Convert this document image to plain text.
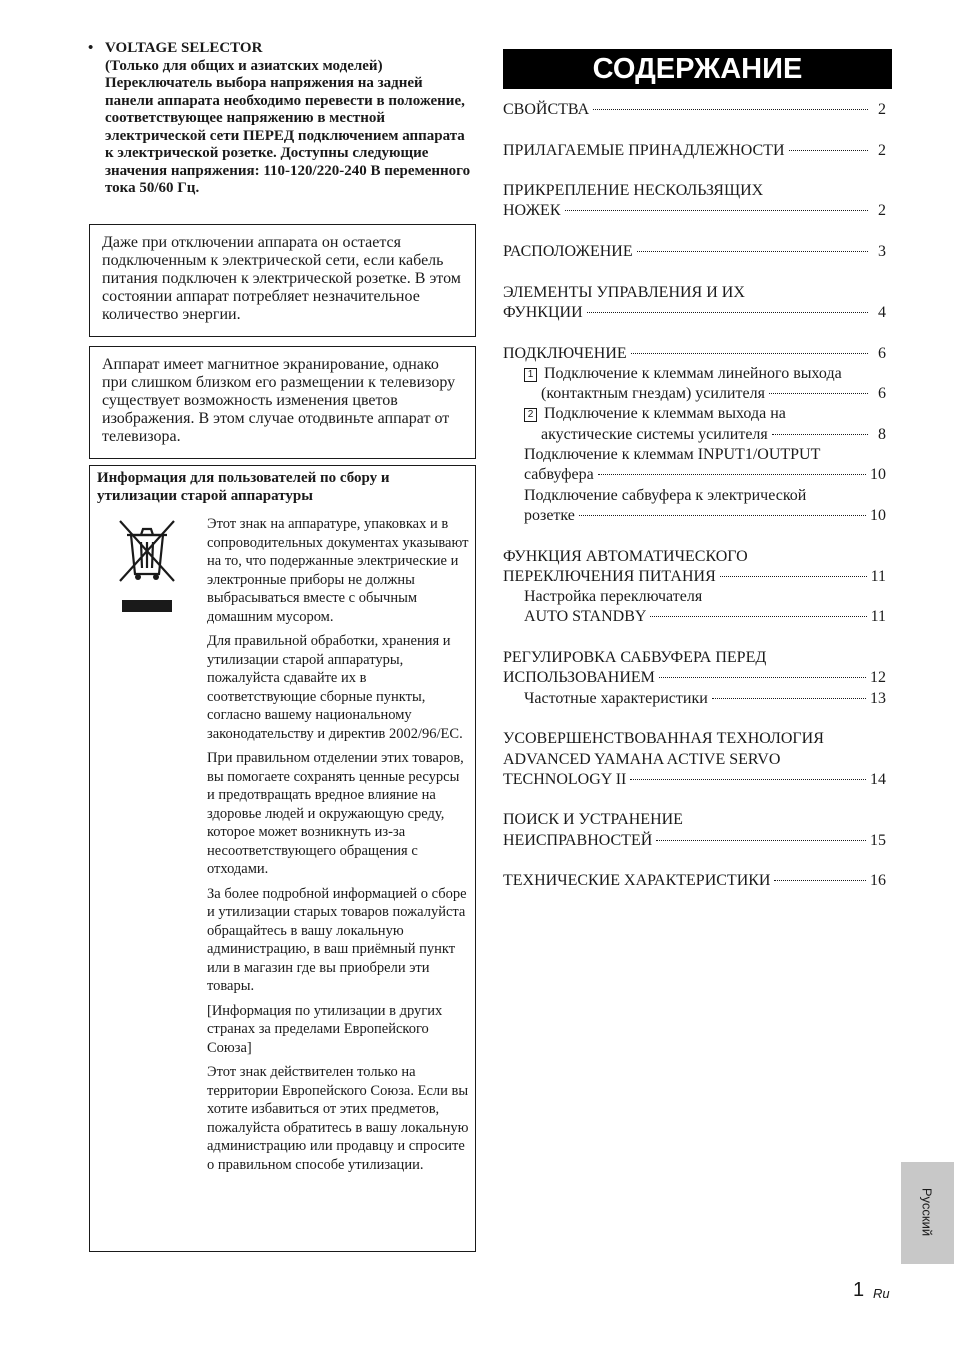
• VOLTAGE SELECTOR
(Только для общих и азиатских моделей) Переключатель выбора напряжения на задней панели аппарата необходимо перевести в положение, соответствующее напряжению в местной электрической сети ПЕРЕД подключением аппарата к электрической розетке. Доступны следующие значения напряжения: 110-120/220-240 В переменного тока 50/60 Гц.
Даже при отключении аппарата он остается подключенным к электрической сети, если кабель питания подключен к электрической розетке. В этом состоянии аппарат потребляет незначительное количество энергии.
Аппарат имеет магнитное экранирование, однако при слишком близком его размещении к телевизору существует возможность изменения цветов изображения. В этом случае отодвиньте аппарат от телевизора.
Информация для пользователей по сбору и утилизации старой аппаратуры

Этот знак на аппаратуре, упаковках и в сопроводительных документах указывают на то, что подержанные электрические и электронные приборы не должны выбрасываться вместе с обычным домашним мусором.

Для правильной обработки, хранения и утилизации старой аппаратуры, пожалуйста сдавайте их в соответствующие сборные пункты, согласно вашему национальному законодательству и директив 2002/96/EC.

При правильном отделении этих товаров, вы помогаете сохранять ценные ресурсы и предотвращать вредное влияние на здоровье людей и окружающую среду, которое может возникнуть из-за несоответствующего обращения с отходами.

За более подробной информацией о сборе и утилизации старых товаров пожалуйста обращайтесь в вашу локальную администрацию, в ваш приёмный пункт или в магазин где вы приобрели эти товары.

[Информация по утилизации в других странах за пределами Европейского Союза]

Этот знак действителен только на территории Европейского Союза. Если вы хотите избавиться от этих предметов, пожалуйста обратитесь в вашу локальную администрацию или продавцу и спросите о правильном способе утилизации.

СОДЕРЖАНИЕ
СВОЙСТВА	2
ПРИЛАГАЕМЫЕ ПРИНАДЛЕЖНОСТИ	2
ПРИКРЕПЛЕНИЕ НЕСКОЛЬЗЯЩИХ
НОЖЕК	2
РАСПОЛОЖЕНИЕ	3
ЭЛЕМЕНТЫ УПРАВЛЕНИЯ И ИХ
ФУНКЦИИ	4
ПОДКЛЮЧЕНИЕ	6
1 Подключение к клеммам линейного выхода
(контактным гнездам) усилителя	6
2 Подключение к клеммам выхода на
акустические системы усилителя	8
Подключение к клеммам INPUT1/OUTPUT
сабвуфера	10
Подключение сабвуфера к электрической
розетке	10
ФУНКЦИЯ АВТОМАТИЧЕСКОГО
ПЕРЕКЛЮЧЕНИЯ ПИТАНИЯ	11
Настройка переключателя
AUTO STANDBY	11
РЕГУЛИРОВКА САБВУФЕРА ПЕРЕД
ИСПОЛЬЗОВАНИЕМ	12
Частотные характеристики	13
УСОВЕРШЕНСТВОВАННАЯ ТЕХНОЛОГИЯ
ADVANCED YAMAHA ACTIVE SERVO
TECHNOLOGY II	14
ПОИСК И УСТРАНЕНИЕ
НЕИСПРАВНОСТЕЙ	15
ТЕХНИЧЕСКИЕ ХАРАКТЕРИСТИКИ	16
Русский
1 Ru
